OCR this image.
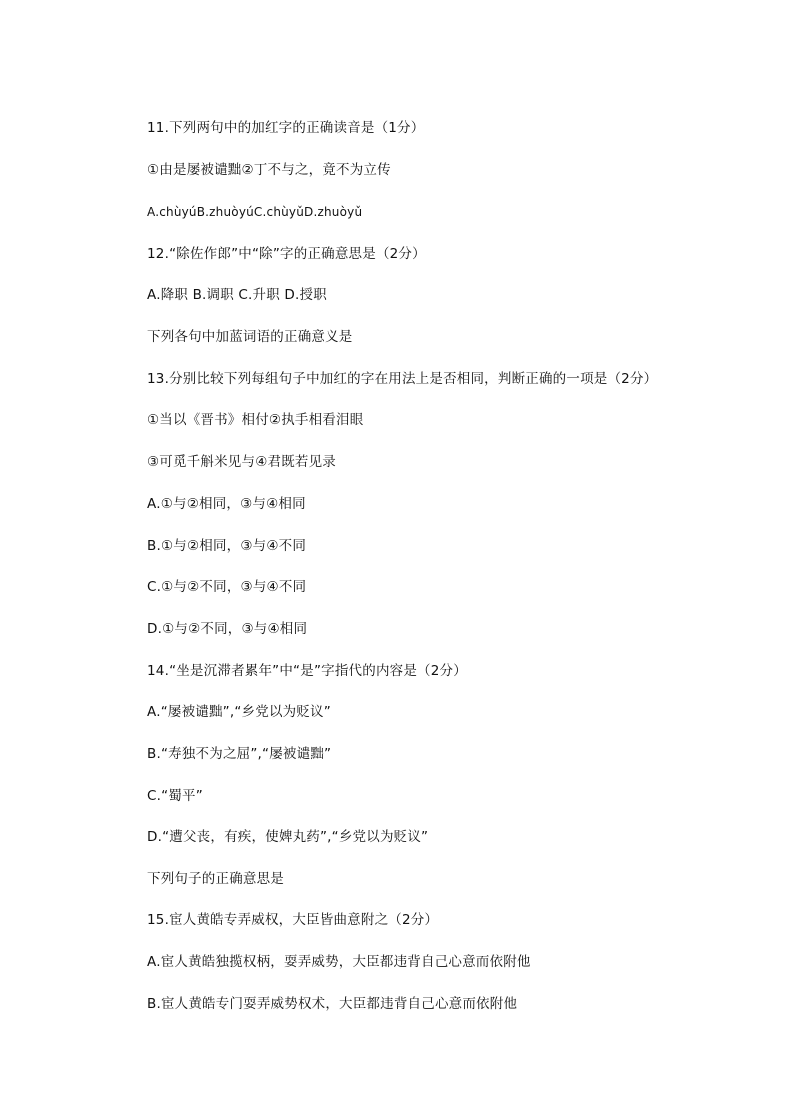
11.下列两句中的加红字的正确读音是（1分）
①由是屡被谴黜②丁不与之，竟不为立传
A.chùyúB.zhuòyúC.chùyǔD.zhuòyǔ
12.“除佐作郎”中“除”字的正确意思是（2分）
A.降职 B.调职 C.升职 D.授职
下列各句中加蓝词语的正确意义是
13.分别比较下列每组句子中加红的字在用法上是否相同，判断正确的一项是（2分）
①当以《晋书》相付②执手相看泪眼
③可觅千斛米见与④君既若见录
A.①与②相同，③与④相同
B.①与②相同，③与④不同
C.①与②不同，③与④不同
D.①与②不同，③与④相同
14.“坐是沉滞者累年”中“是”字指代的内容是（2分）
A.“屡被谴黜”,“乡党以为贬议”
B.“寿独不为之屈”,“屡被谴黜”
C.“蜀平”
D.“遭父丧，有疾，使婢丸药”,“乡党以为贬议”
下列句子的正确意思是
15.宦人黄皓专弄威权，大臣皆曲意附之（2分）
A.宦人黄皓独揽权柄，耍弄威势，大臣都违背自己心意而依附他
B.宦人黄皓专门耍弄威势权术，大臣都违背自己心意而依附他
